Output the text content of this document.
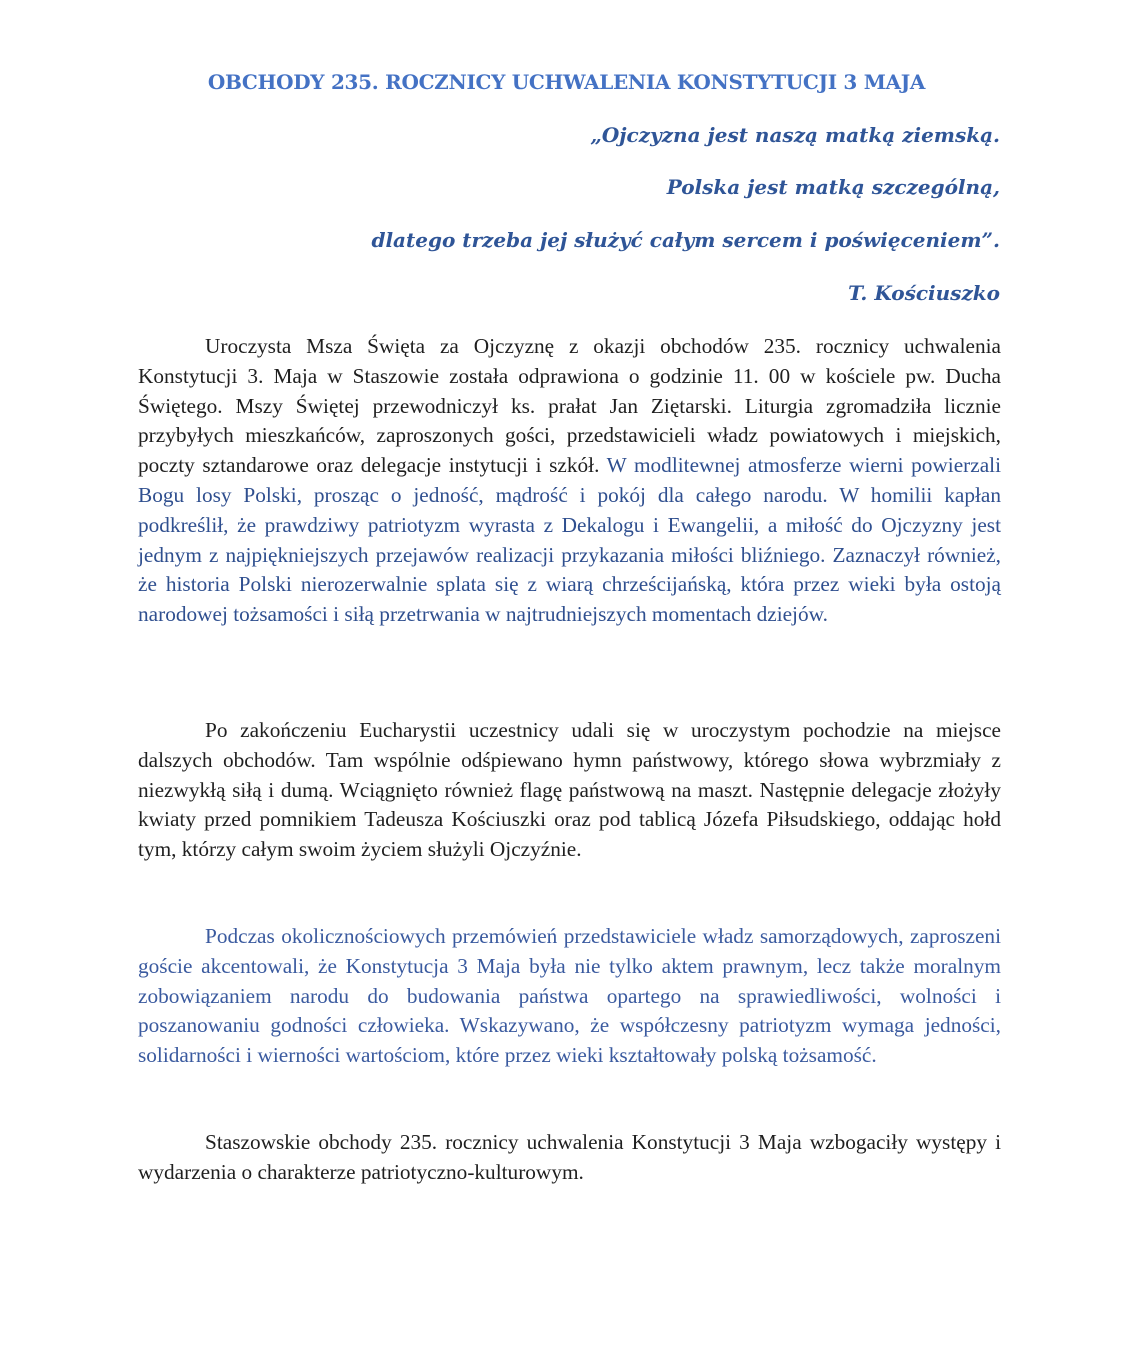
OBCHODY 235. ROCZNICY UCHWALENIA KONSTYTUCJI 3 MAJA

„Ojczyzna jest naszą matką ziemską.

Polska jest matką szczególną,

dlatego trzeba jej służyć całym sercem i poświęceniem”.

T. Kościuszko

Uroczysta Msza Święta za Ojczyznę z okazji obchodów 235. rocznicy uchwalenia Konstytucji 3. Maja w Staszowie została odprawiona o godzinie 11. 00 w kościele pw. Ducha Świętego. Mszy Świętej przewodniczył ks. prałat Jan Ziętarski. Liturgia zgromadziła licznie przybyłych mieszkańców, zaproszonych gości, przedstawicieli władz powiatowych i miejskich, poczty sztandarowe oraz delegacje instytucji i szkół. W modlitewnej atmosferze wierni powierzali Bogu losy Polski, prosząc o jedność, mądrość i pokój dla całego narodu. W homilii kapłan podkreślił, że prawdziwy patriotyzm wyrasta z Dekalogu i Ewangelii, a miłość do Ojczyzny jest jednym z najpiękniejszych przejawów realizacji przykazania miłości bliźniego. Zaznaczył również, że historia Polski nierozerwalnie splata się z wiarą chrześcijańską, która przez wieki była ostoją narodowej tożsamości i siłą przetrwania w najtrudniejszych momentach dziejów.

Po zakończeniu Eucharystii uczestnicy udali się w uroczystym pochodzie na miejsce dalszych obchodów. Tam wspólnie odśpiewano hymn państwowy, którego słowa wybrzmiały z niezwykłą siłą i dumą. Wciągnięto również flagę państwową na maszt. Następnie delegacje złożyły kwiaty przed pomnikiem Tadeusza Kościuszki oraz pod tablicą Józefa Piłsudskiego, oddając hołd tym, którzy całym swoim życiem służyli Ojczyźnie.

Podczas okolicznościowych przemówień przedstawiciele władz samorządowych, zaproszeni goście akcentowali, że Konstytucja 3 Maja była nie tylko aktem prawnym, lecz także moralnym zobowiązaniem narodu do budowania państwa opartego na sprawiedliwości, wolności i poszanowaniu godności człowieka. Wskazywano, że współczesny patriotyzm wymaga jedności, solidarności i wierności wartościom, które przez wieki kształtowały polską tożsamość.

Staszowskie obchody 235. rocznicy uchwalenia Konstytucji 3 Maja wzbogaciły występy i wydarzenia o charakterze patriotyczno-kulturowym.
